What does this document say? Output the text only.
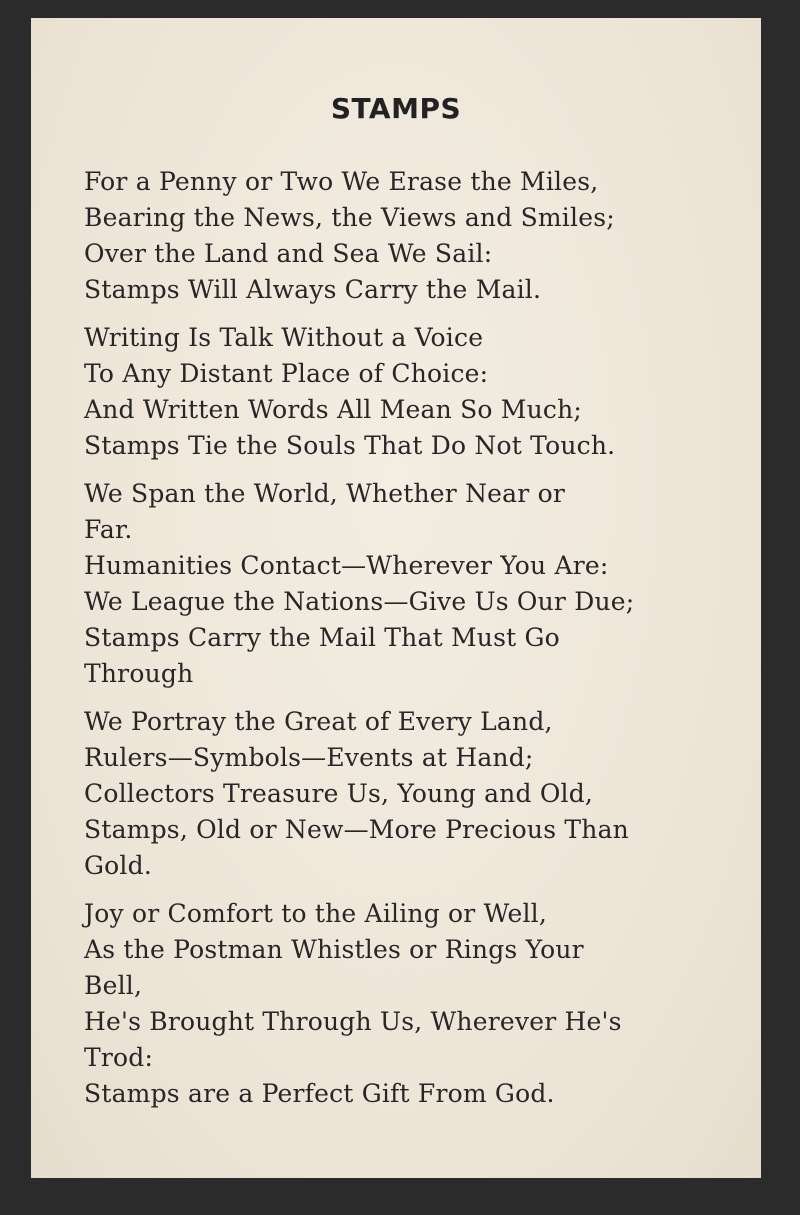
STAMPS
For a Penny or Two We Erase the Miles,
Bearing the News, the Views and Smiles;
Over the Land and Sea We Sail:
Stamps Will Always Carry the Mail.
Writing Is Talk Without a Voice
To Any Distant Place of Choice:
And Written Words All Mean So Much;
Stamps Tie the Souls That Do Not Touch.
We Span the World, Whether Near or
Far.
Humanities Contact—Wherever You Are:
We League the Nations—Give Us Our Due;
Stamps Carry the Mail That Must Go
Through
We Portray the Great of Every Land,
Rulers—Symbols—Events at Hand;
Collectors Treasure Us, Young and Old,
Stamps, Old or New—More Precious Than
Gold.
Joy or Comfort to the Ailing or Well,
As the Postman Whistles or Rings Your
Bell,
He's Brought Through Us, Wherever He's
Trod:
Stamps are a Perfect Gift From God.
